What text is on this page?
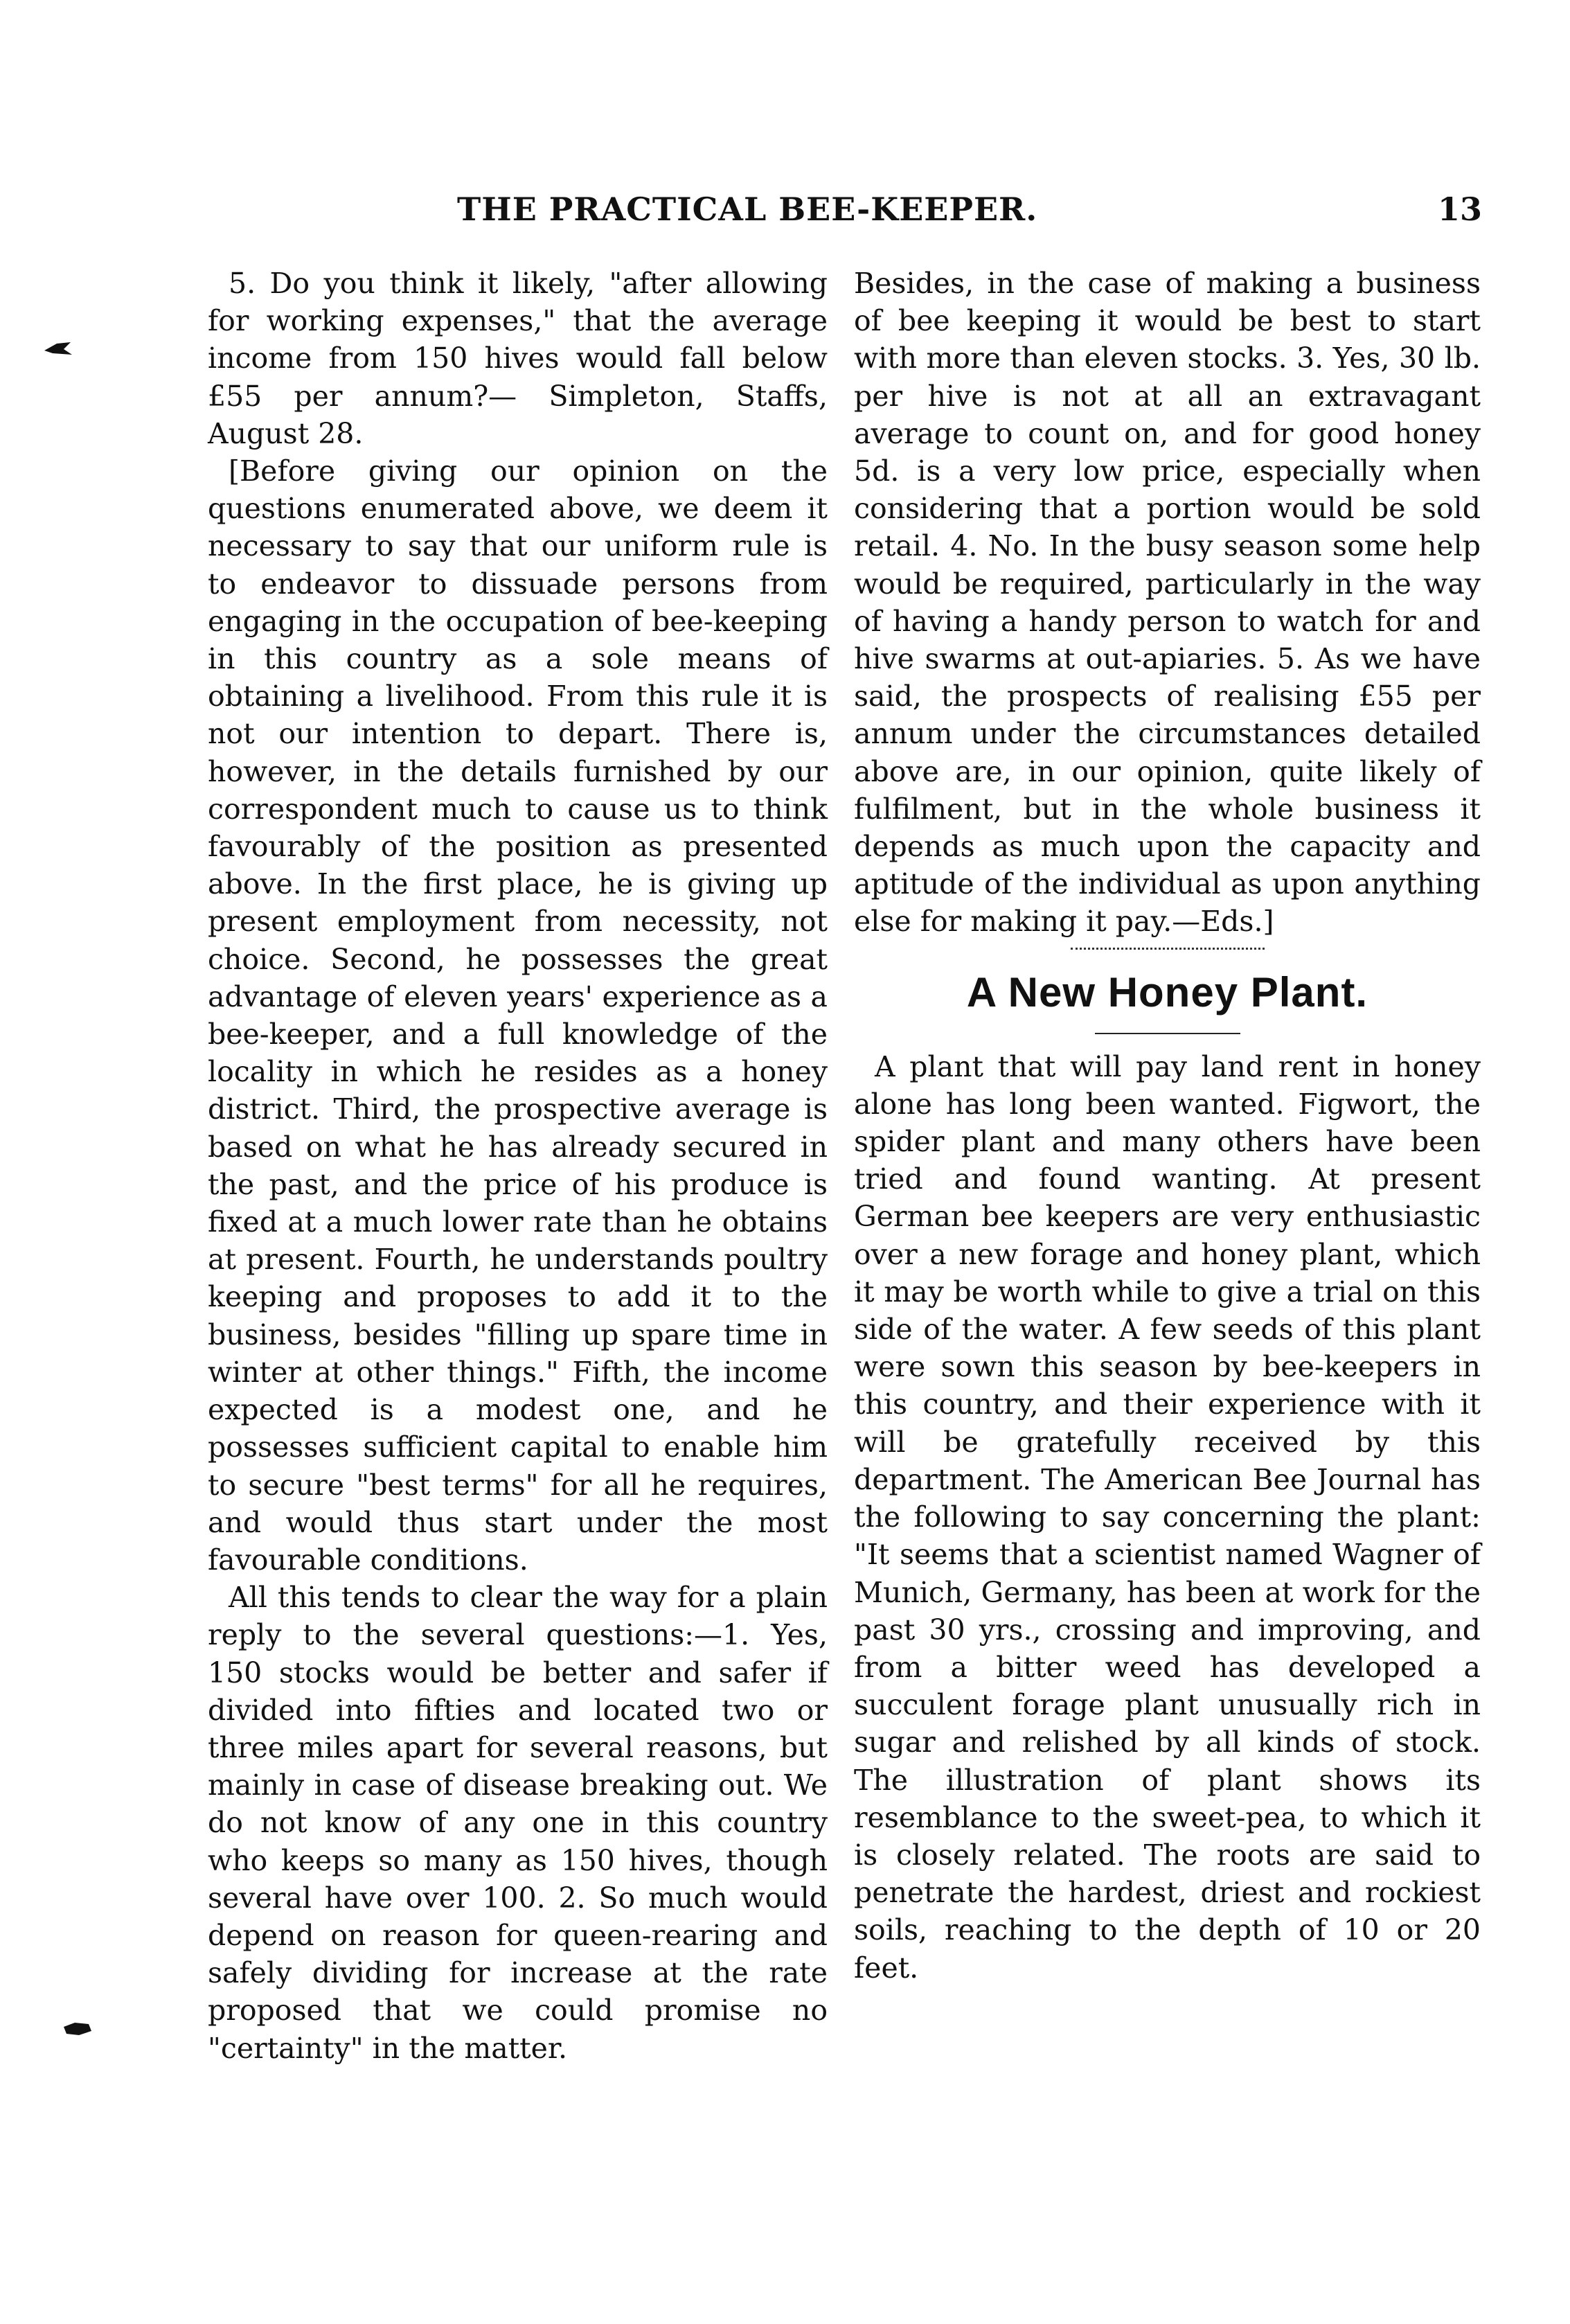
THE PRACTICAL BEE-KEEPER.	13

5. Do you think it likely, "after allowing for working expenses," that the average income from 150 hives would fall below £55 per annum?— Simpleton, Staffs, August 28.

[Before giving our opinion on the questions enumerated above, we deem it necessary to say that our uniform rule is to endeavor to dissuade persons from engaging in the occupation of bee-keeping in this country as a sole means of obtaining a livelihood. From this rule it is not our intention to depart. There is, however, in the details furnished by our correspondent much to cause us to think favourably of the position as presented above. In the first place, he is giving up present employment from necessity, not choice. Second, he possesses the great advantage of eleven years' experience as a bee-keeper, and a full knowledge of the locality in which he resides as a honey district. Third, the prospective average is based on what he has already secured in the past, and the price of his produce is fixed at a much lower rate than he obtains at present. Fourth, he understands poultry keeping and proposes to add it to the business, besides "filling up spare time in winter at other things." Fifth, the income expected is a modest one, and he possesses sufficient capital to enable him to secure "best terms" for all he requires, and would thus start under the most favourable conditions.

All this tends to clear the way for a plain reply to the several questions:—1. Yes, 150 stocks would be better and safer if divided into fifties and located two or three miles apart for several reasons, but mainly in case of disease breaking out. We do not know of any one in this country who keeps so many as 150 hives, though several have over 100. 2. So much would depend on reason for queen-rearing and safely dividing for increase at the rate proposed that we could promise no "certainty" in the matter.

Besides, in the case of making a business of bee keeping it would be best to start with more than eleven stocks. 3. Yes, 30 lb. per hive is not at all an extravagant average to count on, and for good honey 5d. is a very low price, especially when considering that a portion would be sold retail. 4. No. In the busy season some help would be required, particularly in the way of having a handy person to watch for and hive swarms at out-apiaries. 5. As we have said, the prospects of realising £55 per annum under the circumstances detailed above are, in our opinion, quite likely of fulfilment, but in the whole business it depends as much upon the capacity and aptitude of the individual as upon anything else for making it pay.—Eds.]

A New Honey Plant.

A plant that will pay land rent in honey alone has long been wanted. Figwort, the spider plant and many others have been tried and found wanting. At present German bee keepers are very enthusiastic over a new forage and honey plant, which it may be worth while to give a trial on this side of the water. A few seeds of this plant were sown this season by bee-keepers in this country, and their experience with it will be gratefully received by this department. The American Bee Journal has the following to say concerning the plant: "It seems that a scientist named Wagner of Munich, Germany, has been at work for the past 30 yrs., crossing and improving, and from a bitter weed has developed a succulent forage plant unusually rich in sugar and relished by all kinds of stock. The illustration of plant shows its resemblance to the sweet-pea, to which it is closely related. The roots are said to penetrate the hardest, driest and rockiest soils, reaching to the depth of 10 or 20 feet.
